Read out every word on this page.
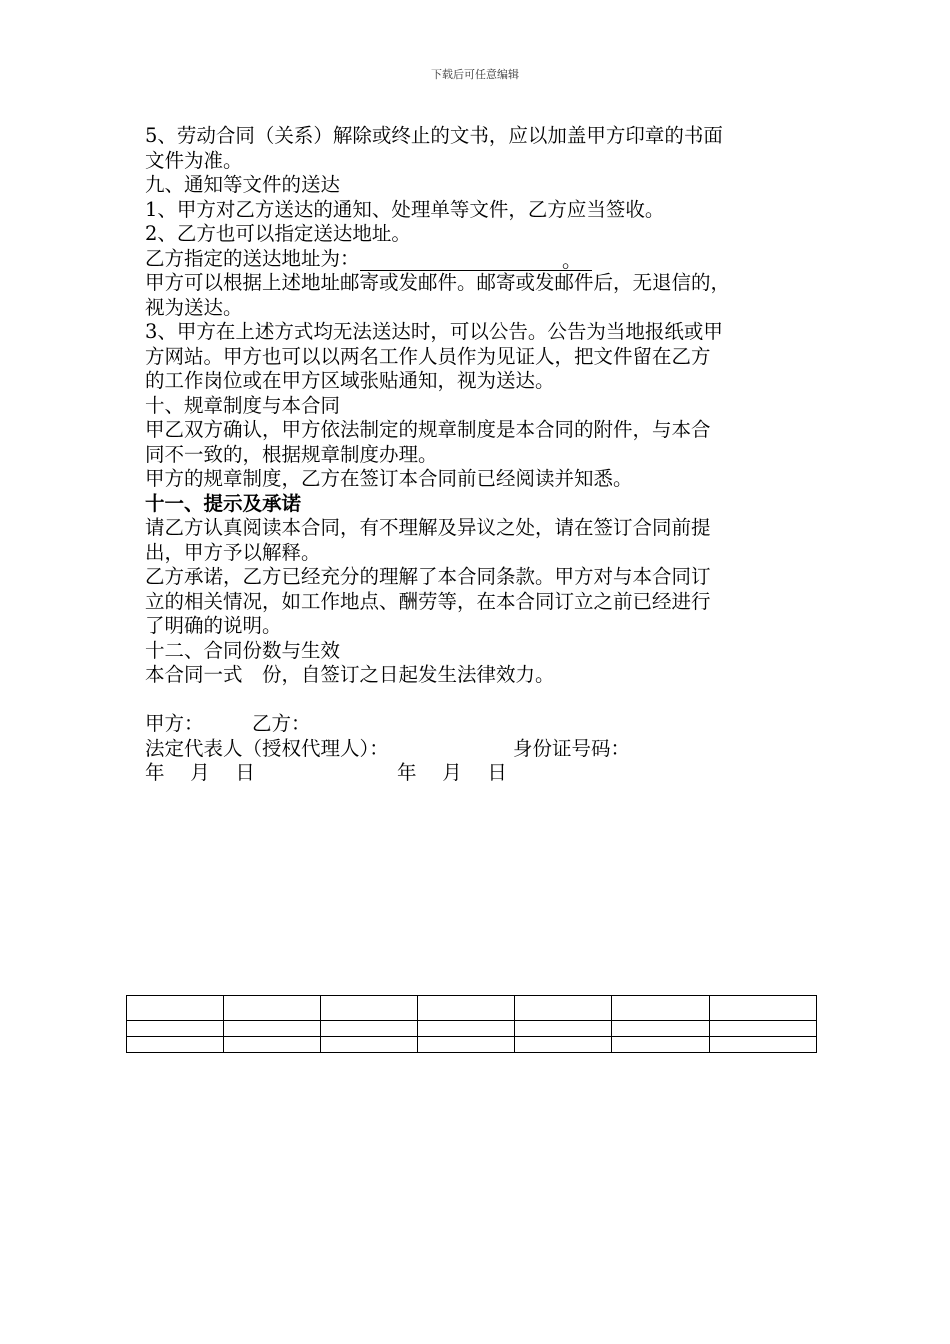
下载后可任意编辑

5、劳动合同（关系）解除或终止的文书，应以加盖甲方印章的书面

文件为准。

九、通知等文件的送达

1、甲方对乙方送达的通知、处理单等文件，乙方应当签收。

2、乙方也可以指定送达地址。

乙方指定的送达地址为：	。

甲方可以根据上述地址邮寄或发邮件。邮寄或发邮件后，无退信的，

视为送达。

3、甲方在上述方式均无法送达时，可以公告。公告为当地报纸或甲

方网站。甲方也可以以两名工作人员作为见证人，把文件留在乙方

的工作岗位或在甲方区域张贴通知，视为送达。

十、规章制度与本合同

甲乙双方确认，甲方依法制定的规章制度是本合同的附件，与本合

同不一致的，根据规章制度办理。

甲方的规章制度，乙方在签订本合同前已经阅读并知悉。

十一、提示及承诺

请乙方认真阅读本合同，有不理解及异议之处，请在签订合同前提

出，甲方予以解释。

乙方承诺，乙方已经充分的理解了本合同条款。甲方对与本合同订

立的相关情况，如工作地点、酬劳等，在本合同订立之前已经进行

了明确的说明。

十二、合同份数与生效

本合同一式　份，自签订之日起发生法律效力。

甲方： 乙方：
法定代表人（授权代理人）：	身份证号码：
年　 月　 日	年　 月　 日
